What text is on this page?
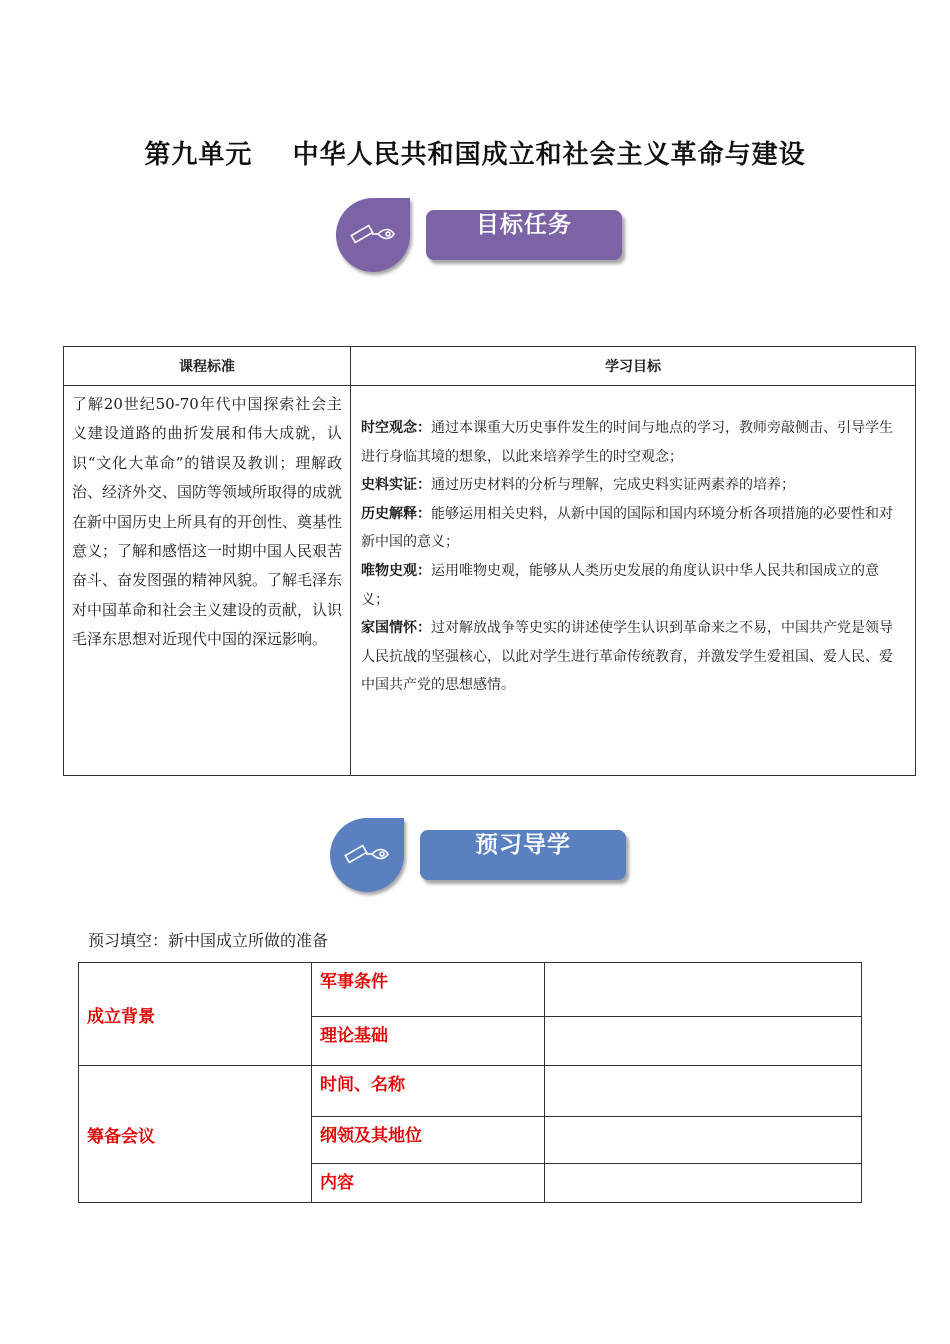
第九单元    中华人民共和国成立和社会主义革命与建设
目标任务
课程标准	学习目标
了解20世纪50-70年代中国探索社会主义建设道路的曲折发展和伟大成就，认识“文化大革命”的错误及教训；理解政治、经济外交、国防等领域所取得的成就在新中国历史上所具有的开创性、奠基性意义；了解和感悟这一时期中国人民艰苦奋斗、奋发图强的精神风貌。了解毛泽东对中国革命和社会主义建设的贡献，认识毛泽东思想对近现代中国的深远影响。	时空观念：通过本课重大历史事件发生的时间与地点的学习，教师旁敲侧击、引导学生进行身临其境的想象，以此来培养学生的时空观念；
史料实证：通过历史材料的分析与理解，完成史料实证两素养的培养；
历史解释：能够运用相关史料，从新中国的国际和国内环境分析各项措施的必要性和对新中国的意义；
唯物史观：运用唯物史观，能够从人类历史发展的角度认识中华人民共和国成立的意义；
家国情怀：过对解放战争等史实的讲述使学生认识到革命来之不易，中国共产党是领导人民抗战的坚强核心，以此对学生进行革命传统教育，并激发学生爱祖国、爱人民、爱中国共产党的思想感情。
预习导学
预习填空：新中国成立所做的准备
成立背景	军事条件	
	理论基础	
筹备会议	时间、名称	
	纲领及其地位	
	内容	
